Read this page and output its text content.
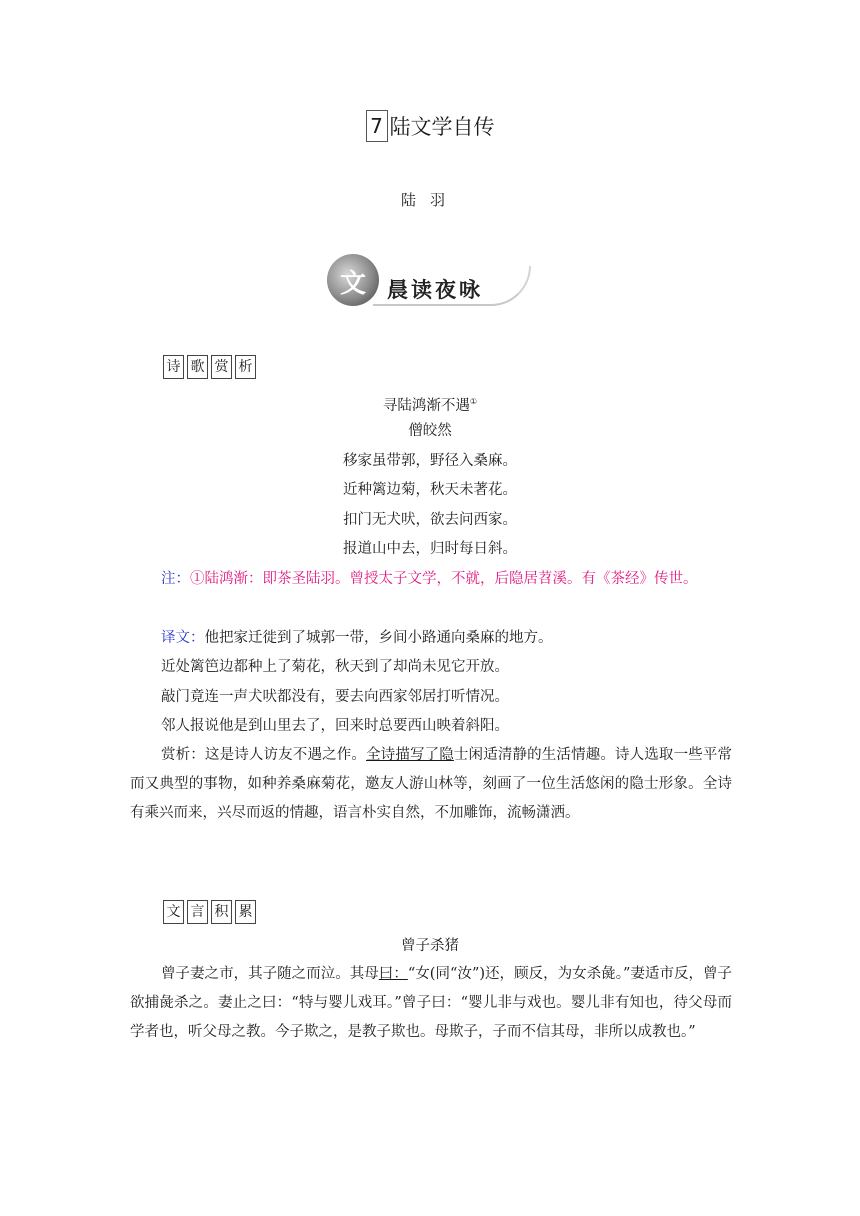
7 陆文学自传
陆羽
文	晨读夜咏
诗 歌 赏 析
寻陆鸿渐不遇①
僧皎然
移家虽带郭，野径入桑麻。
近种篱边菊，秋天未著花。
扣门无犬吠，欲去问西家。
报道山中去，归时每日斜。
注：①陆鸿渐：即茶圣陆羽。曾授太子文学，不就，后隐居苕溪。有《茶经》传世。
译文：他把家迁徙到了城郭一带，乡间小路通向桑麻的地方。
近处篱笆边都种上了菊花，秋天到了却尚未见它开放。
敲门竟连一声犬吠都没有，要去向西家邻居打听情况。
邻人报说他是到山里去了，回来时总要西山映着斜阳。
赏析：这是诗人访友不遇之作。全诗描写了隐士闲适清静的生活情趣。诗人选取一些平常而又典型的事物，如种养桑麻菊花，邀友人游山林等，刻画了一位生活悠闲的隐士形象。全诗有乘兴而来，兴尽而返的情趣，语言朴实自然，不加雕饰，流畅潇洒。
文 言 积 累
曾子杀猪
曾子妻之市，其子随之而泣。其母曰：“女(同“汝”)还，顾反，为女杀彘。”妻适市反，曾子欲捕彘杀之。妻止之曰：“特与婴儿戏耳。”曾子曰：“婴儿非与戏也。婴儿非有知也，待父母而学者也，听父母之教。今子欺之，是教子欺也。母欺子，子而不信其母，非所以成教也。”
